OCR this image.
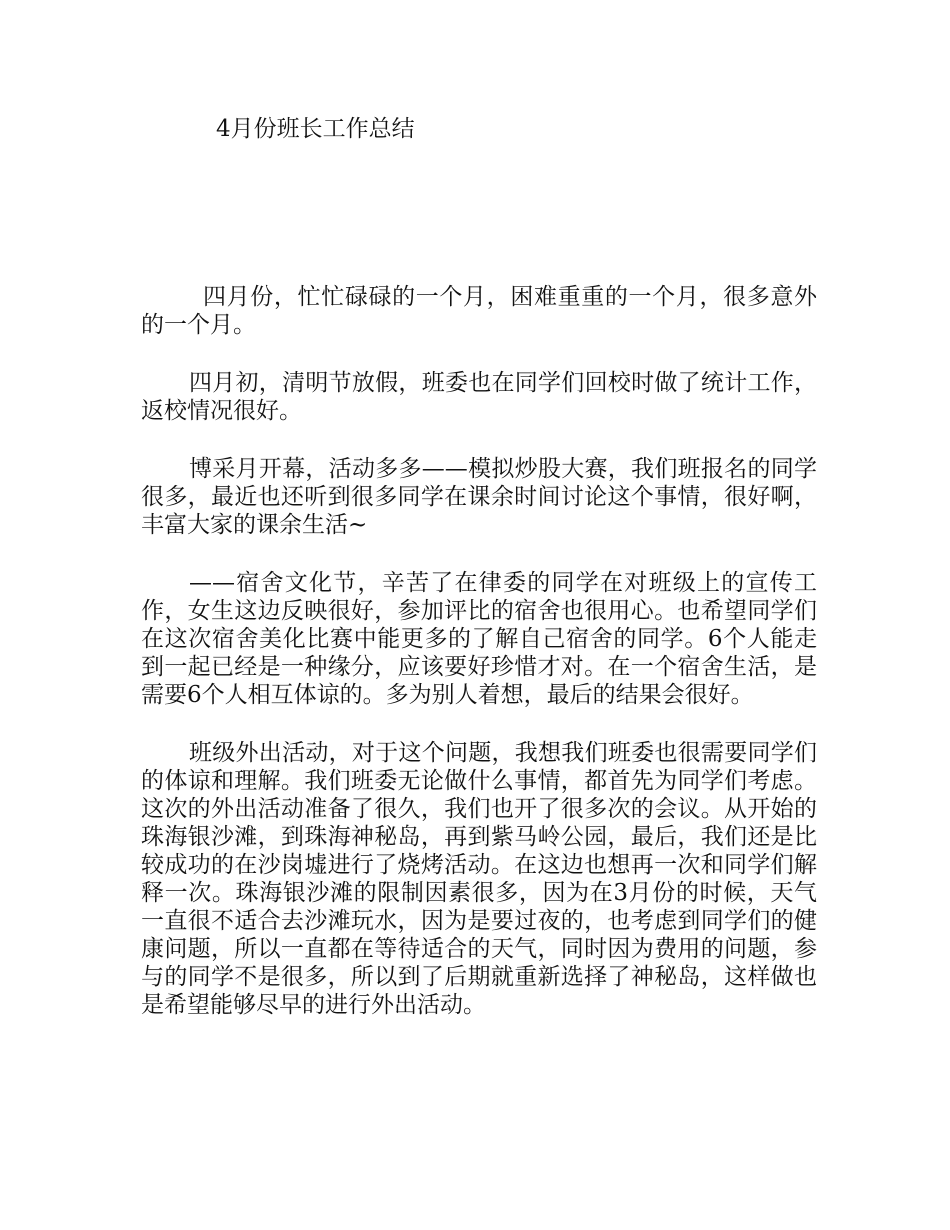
4月份班长工作总结

四月份，忙忙碌碌的一个月，困难重重的一个月，很多意外的一个月。

四月初，清明节放假，班委也在同学们回校时做了统计工作，返校情况很好。

博采月开幕，活动多多——模拟炒股大赛，我们班报名的同学很多，最近也还听到很多同学在课余时间讨论这个事情，很好啊，丰富大家的课余生活~

——宿舍文化节，辛苦了在律委的同学在对班级上的宣传工作，女生这边反映很好，参加评比的宿舍也很用心。也希望同学们在这次宿舍美化比赛中能更多的了解自己宿舍的同学。6个人能走到一起已经是一种缘分，应该要好珍惜才对。在一个宿舍生活，是需要6个人相互体谅的。多为别人着想，最后的结果会很好。

班级外出活动，对于这个问题，我想我们班委也很需要同学们的体谅和理解。我们班委无论做什么事情，都首先为同学们考虑。这次的外出活动准备了很久，我们也开了很多次的会议。从开始的珠海银沙滩，到珠海神秘岛，再到紫马岭公园，最后，我们还是比较成功的在沙岗墟进行了烧烤活动。在这边也想再一次和同学们解释一次。珠海银沙滩的限制因素很多，因为在3月份的时候，天气一直很不适合去沙滩玩水，因为是要过夜的，也考虑到同学们的健康问题，所以一直都在等待适合的天气，同时因为费用的问题，参与的同学不是很多，所以到了后期就重新选择了神秘岛，这样做也是希望能够尽早的进行外出活动。
